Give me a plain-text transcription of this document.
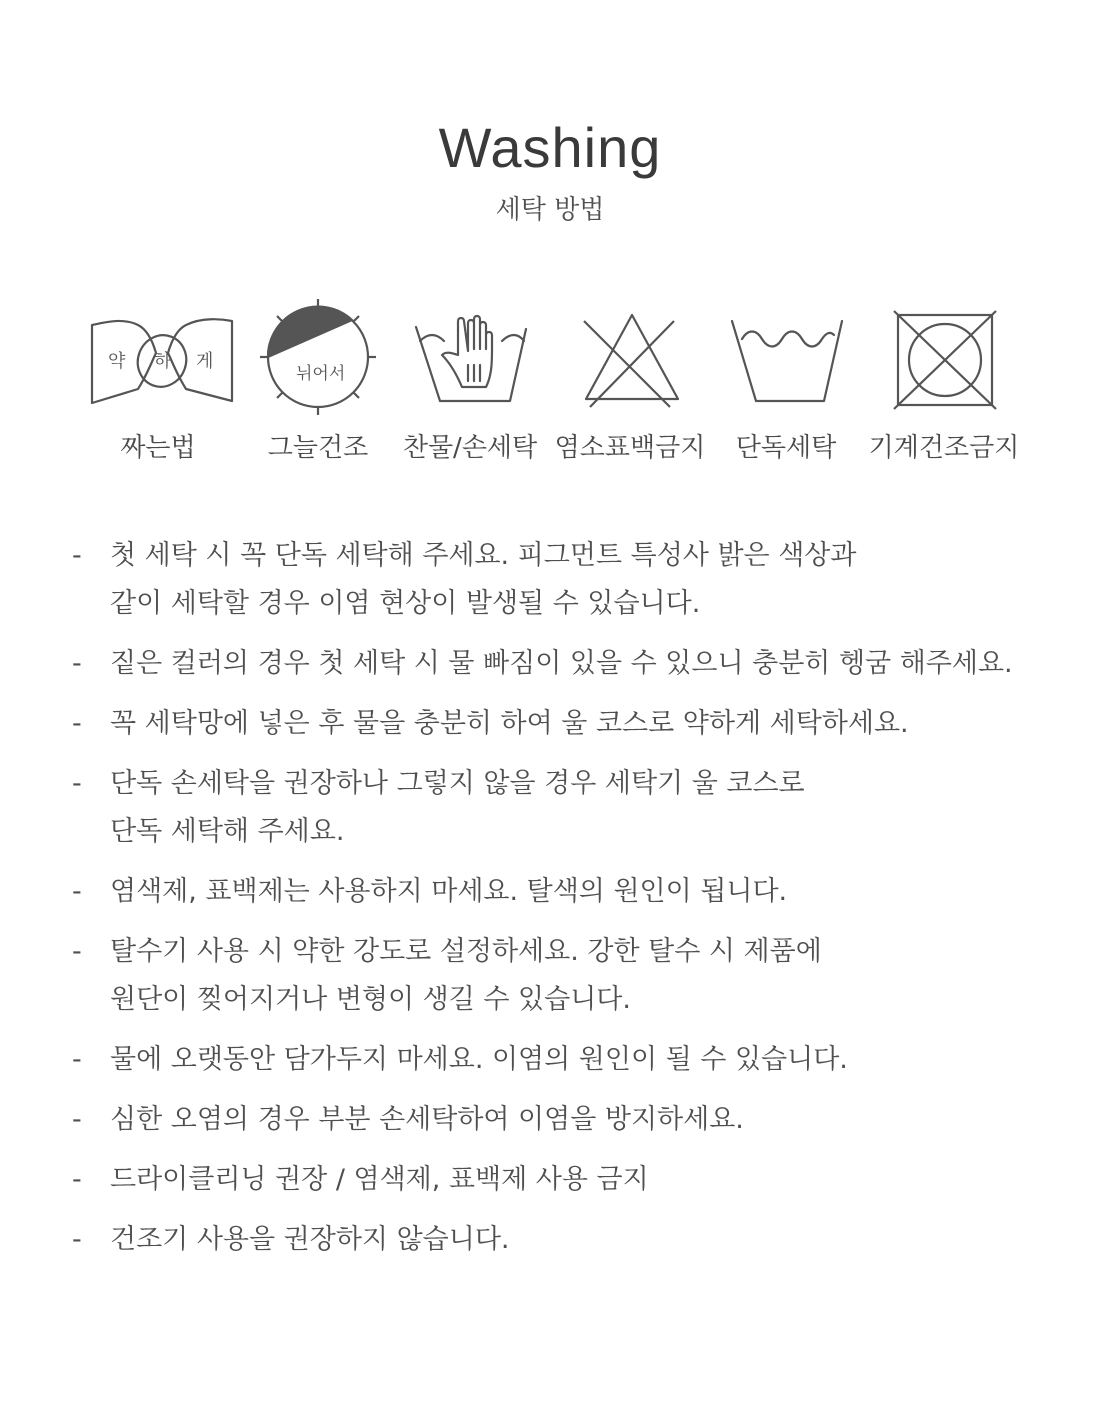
Washing
세탁 방법
약 하 게
뉘어서
짜는법	그늘건조	찬물/손세탁 염소표백금지	단독세탁	기계건조금지
-	첫 세탁 시 꼭 단독 세탁해 주세요. 피그먼트 특성사 밝은 색상과
같이 세탁할 경우 이염 현상이 발생될 수 있습니다.
-	짙은 컬러의 경우 첫 세탁 시 물 빠짐이 있을 수 있으니 충분히 헹굼 해주세요.
-	꼭 세탁망에 넣은 후 물을 충분히 하여 울 코스로 약하게 세탁하세요.
-	단독 손세탁을 권장하나 그렇지 않을 경우 세탁기 울 코스로
단독 세탁해 주세요.
-	염색제, 표백제는 사용하지 마세요. 탈색의 원인이 됩니다.
-	탈수기 사용 시 약한 강도로 설정하세요. 강한 탈수 시 제품에
원단이 찢어지거나 변형이 생길 수 있습니다.
-	물에 오랫동안 담가두지 마세요. 이염의 원인이 될 수 있습니다.
-	심한 오염의 경우 부분 손세탁하여 이염을 방지하세요.
-	드라이클리닝 권장 / 염색제, 표백제 사용 금지
-	건조기 사용을 권장하지 않습니다.
